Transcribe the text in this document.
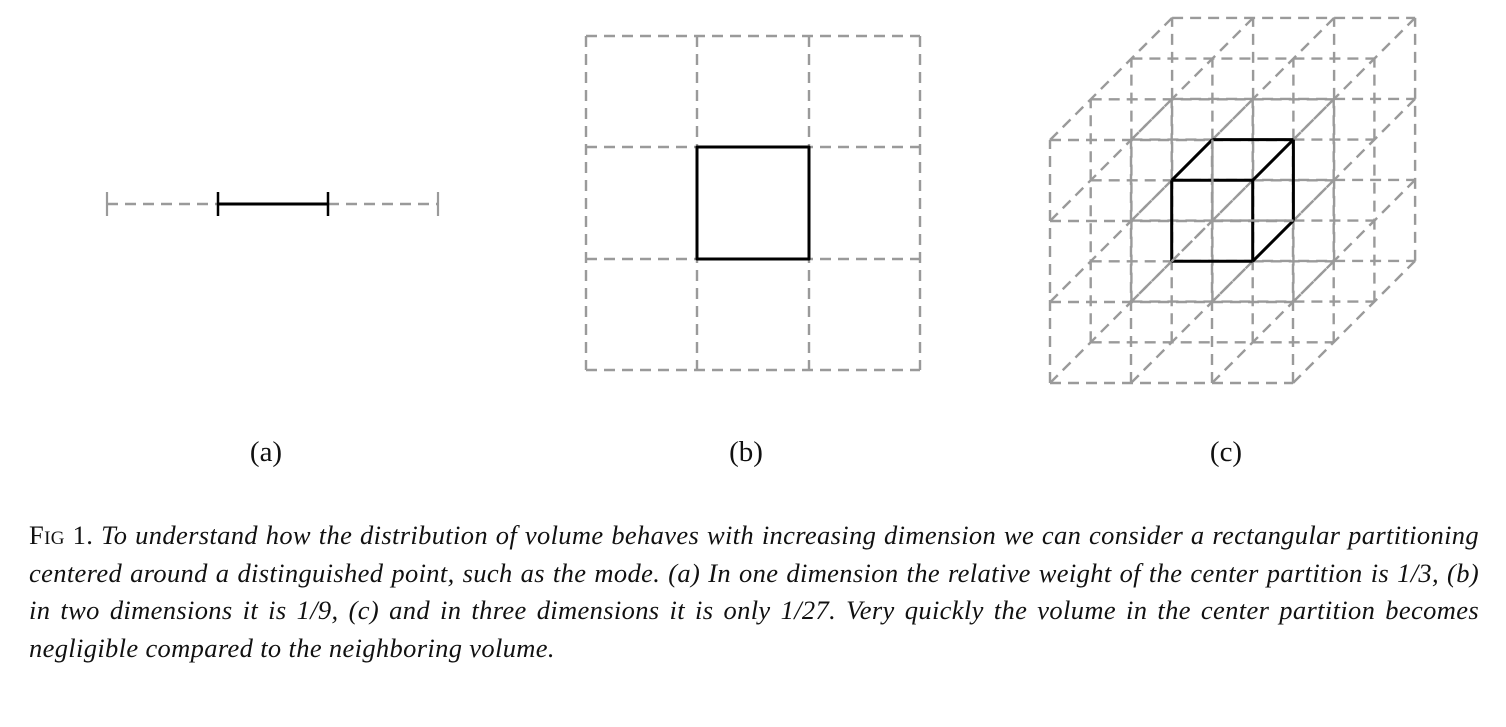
(a)	(b)	(c)
Fig 1. To understand how the distribution of volume behaves with increasing dimension we can consider a rectangular partitioning centered around a distinguished point, such as the mode. (a) In one dimension the relative weight of the center partition is 1/3, (b) in two dimensions it is 1/9, (c) and in three dimensions it is only 1/27. Very quickly the volume in the center partition becomes negligible compared to the neighboring volume.
